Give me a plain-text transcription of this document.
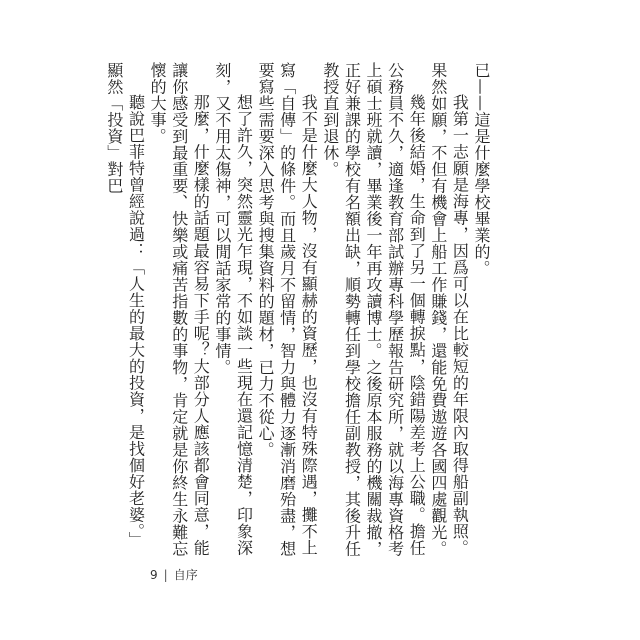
已——這是什麼學校畢業的。

我第一志願是海專，因爲可以在比較短的年限內取得船副執照。果然如願，不但有機會上船工作賺錢，還能免費遨遊各國四處觀光。

幾年後結婚，生命到了另一個轉捩點，陰錯陽差考上公職。擔任公務員不久，適逢教育部試辦專科學歷報告研究所，就以海專資格考上碩士班就讀，畢業後一年再攻讀博士。之後原本服務的機關裁撤，正好兼課的學校有名額出缺，順勢轉任到學校擔任副教授，其後升任教授直到退休。

我不是什麼大人物，沒有顯赫的資歷，也沒有特殊際遇，攤不上寫「自傳」的條件。而且歲月不留情，智力與體力逐漸消磨殆盡，想要寫些需要深入思考與搜集資料的題材，已力不從心。

想了許久，突然靈光乍現，不如談一些現在還記憶清楚，印象深刻，又不用太傷神，可以閒話家常的事情。

那麼，什麼樣的話題最容易下手呢？大部分人應該都會同意，能讓你感受到最重要、快樂或痛苦指數的事物，肯定就是你終生永難忘懷的大事。

聽說巴菲特曾經說過：「人生的最大的投資，是找個好老婆。」顯然「投資」對巴

9 | 自序
